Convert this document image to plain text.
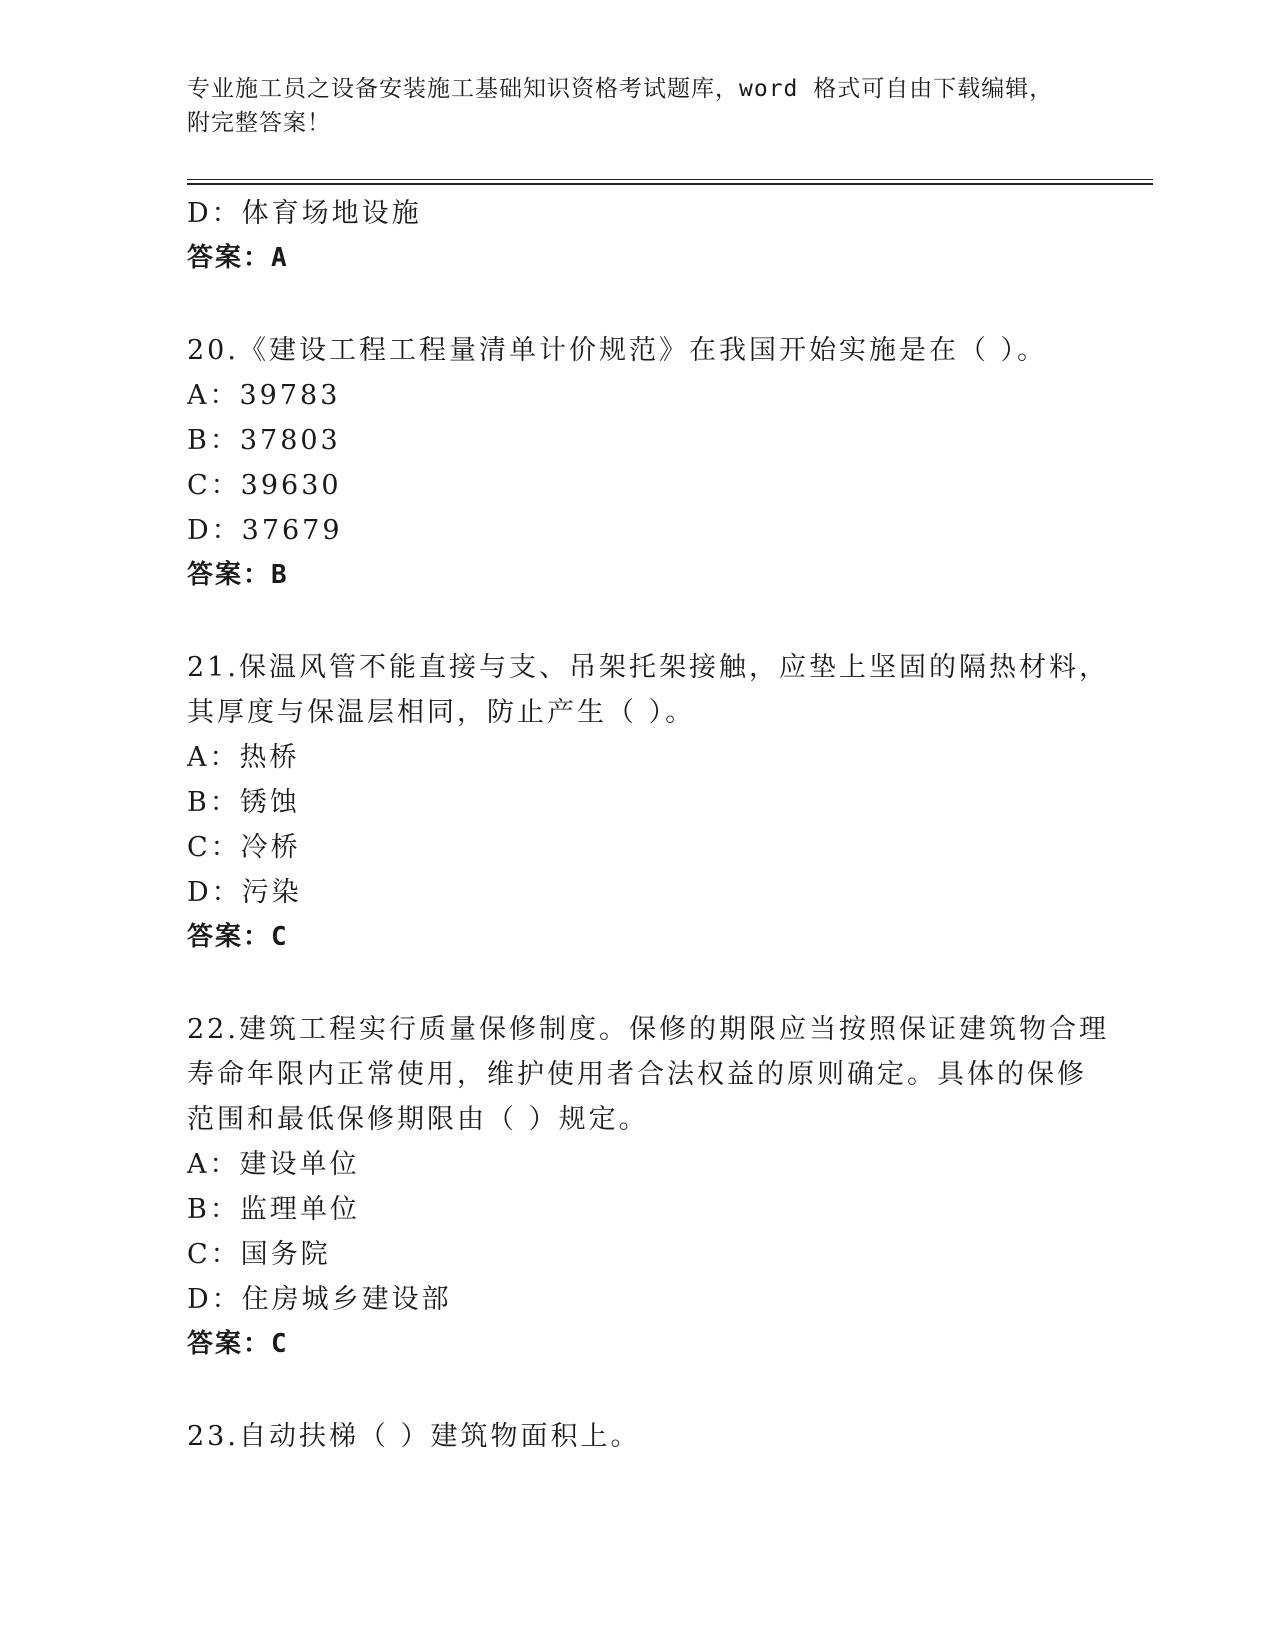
专业施工员之设备安装施工基础知识资格考试题库，word 格式可自由下载编辑，
附完整答案！
D：体育场地设施
答案：A
20.《建设工程工程量清单计价规范》在我国开始实施是在（ ）。
A：39783
B：37803
C：39630
D：37679
答案：B
21.保温风管不能直接与支、吊架托架接触，应垫上坚固的隔热材料，
其厚度与保温层相同，防止产生（ ）。
A：热桥
B：锈蚀
C：冷桥
D：污染
答案：C
22.建筑工程实行质量保修制度。保修的期限应当按照保证建筑物合理
寿命年限内正常使用，维护使用者合法权益的原则确定。具体的保修
范围和最低保修期限由（ ）规定。
A：建设单位
B：监理单位
C：国务院
D：住房城乡建设部
答案：C
23.自动扶梯（ ）建筑物面积上。
